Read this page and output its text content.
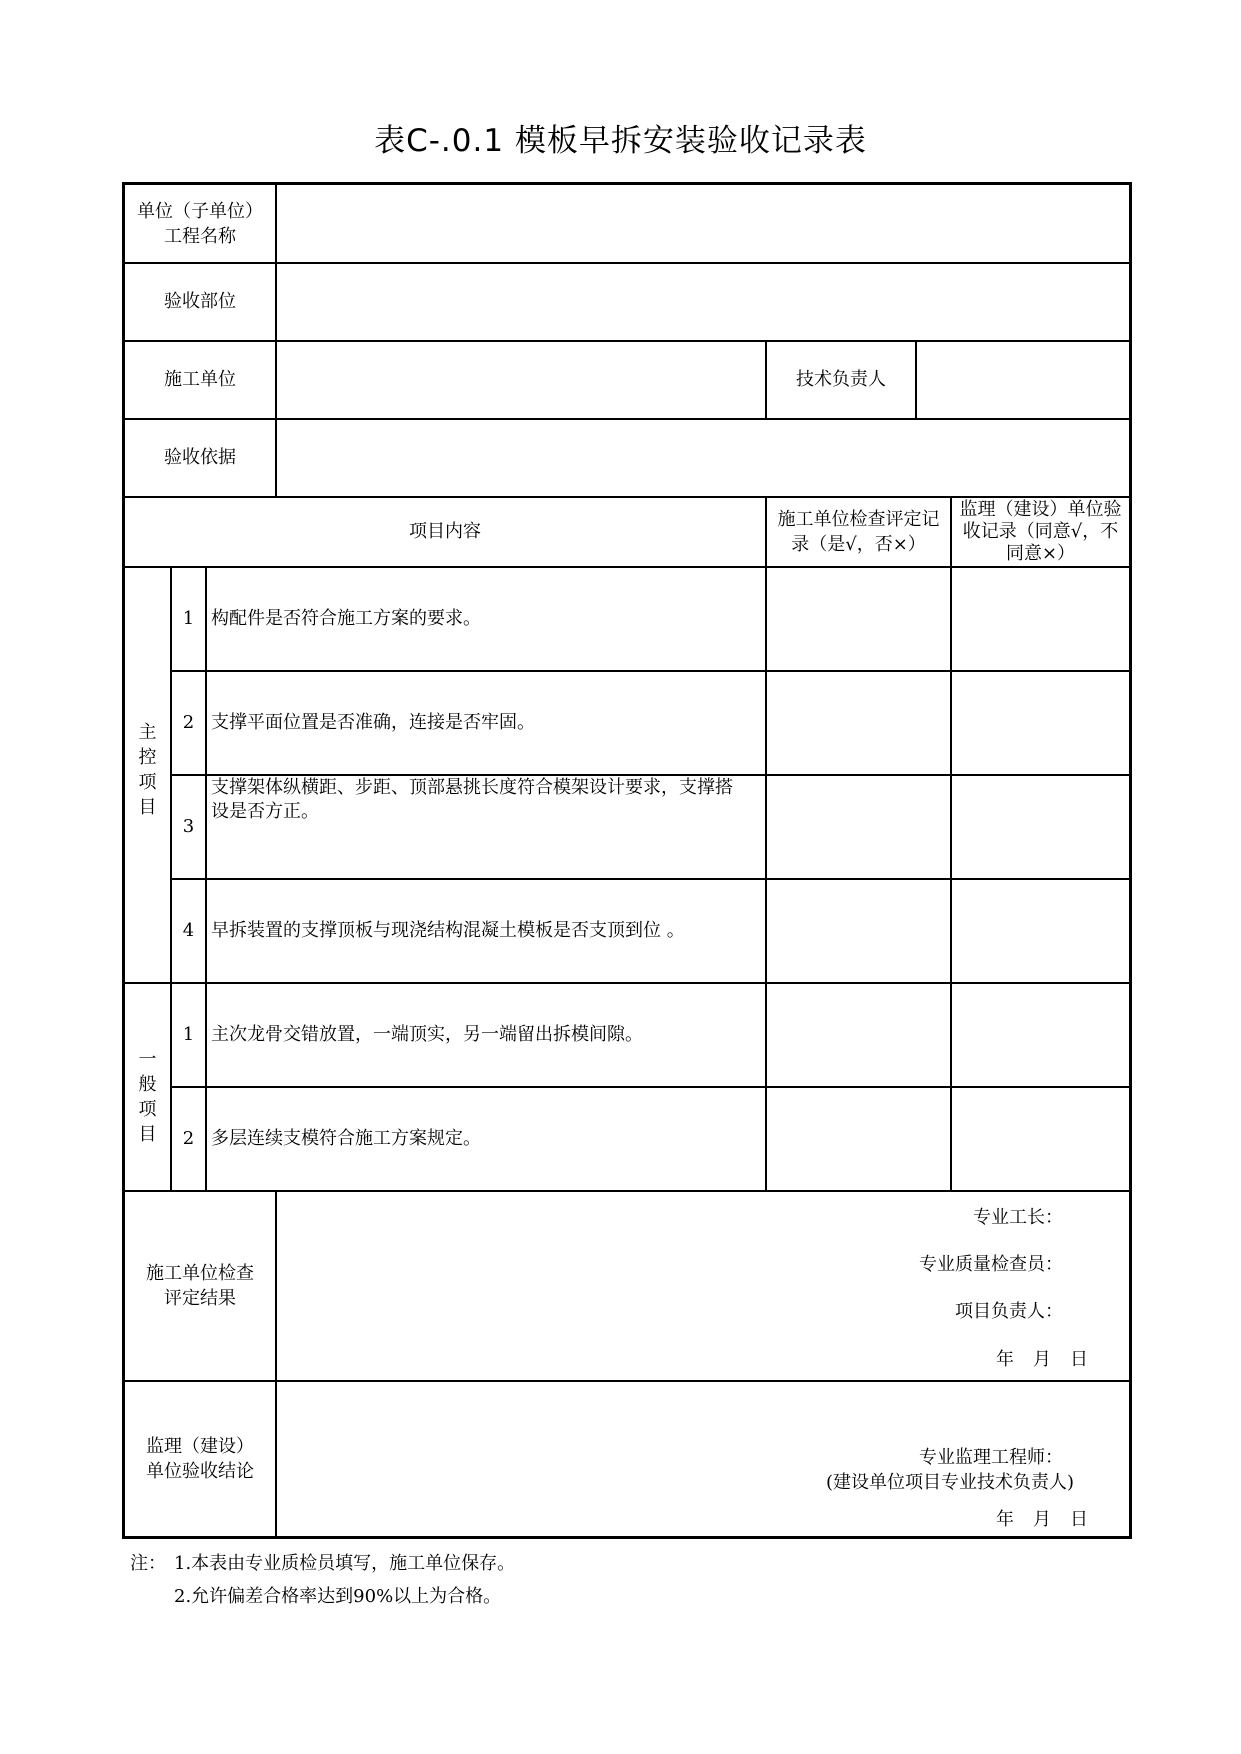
表C-.0.1 模板早拆安装验收记录表
单位（子单位）
工程名称
验收部位
施工单位	技术负责人
验收依据
项目内容
施工单位检查评定记
录（是√，否×）
监理（建设）单位验
收记录（同意√，不
同意×）
主
控
项
目
1 构配件是否符合施工方案的要求。
2 支撑平面位置是否准确，连接是否牢固。
3
支撑架体纵横距、步距、顶部悬挑长度符合模架设计要求，支撑搭
设是否方正。
4 早拆装置的支撑顶板与现浇结构混凝土模板是否支顶到位 。
一
般
项
目
1 主次龙骨交错放置，一端顶实，另一端留出拆模间隙。
2 多层连续支模符合施工方案规定。
施工单位检查
评定结果
专业工长：
专业质量检查员：
项目负责人：
年 月 日
监理（建设）
单位验收结论
专业监理工程师：
(建设单位项目专业技术负责人)
年 月 日
注： 1.本表由专业质检员填写，施工单位保存。
2.允许偏差合格率达到90%以上为合格。
